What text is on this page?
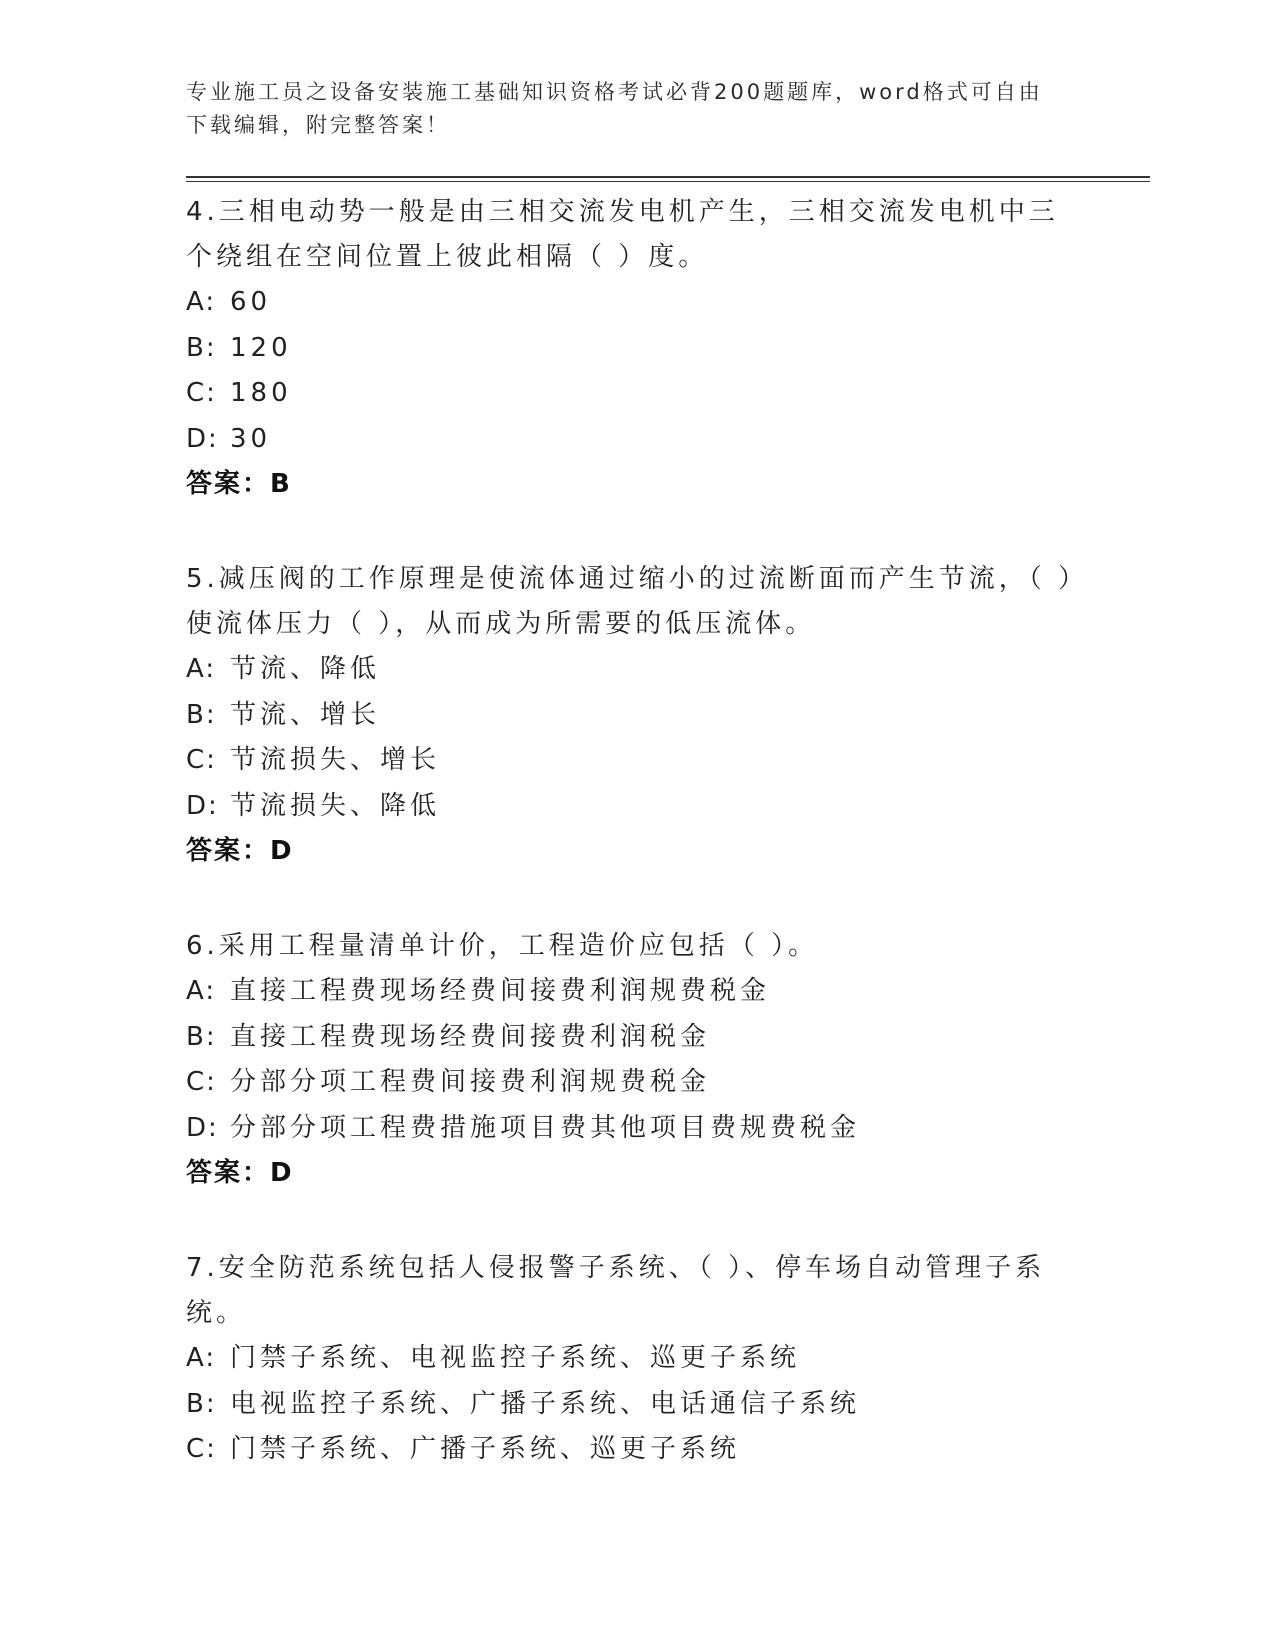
专业施工员之设备安装施工基础知识资格考试必背200题题库，word格式可自由下载编辑，附完整答案！

4.三相电动势一般是由三相交流发电机产生，三相交流发电机中三个绕组在空间位置上彼此相隔（ ）度。

A: 60

B: 120

C: 180

D: 30

答案：B

5.减压阀的工作原理是使流体通过缩小的过流断面而产生节流，（ ）使流体压力（ ），从而成为所需要的低压流体。

A: 节流、降低

B: 节流、增长

C: 节流损失、增长

D: 节流损失、降低

答案：D

6.采用工程量清单计价，工程造价应包括（ ）。

A: 直接工程费现场经费间接费利润规费税金

B: 直接工程费现场经费间接费利润税金

C: 分部分项工程费间接费利润规费税金

D: 分部分项工程费措施项目费其他项目费规费税金

答案：D

7.安全防范系统包括人侵报警子系统、（ ）、停车场自动管理子系统。

A: 门禁子系统、电视监控子系统、巡更子系统

B: 电视监控子系统、广播子系统、电话通信子系统

C: 门禁子系统、广播子系统、巡更子系统
